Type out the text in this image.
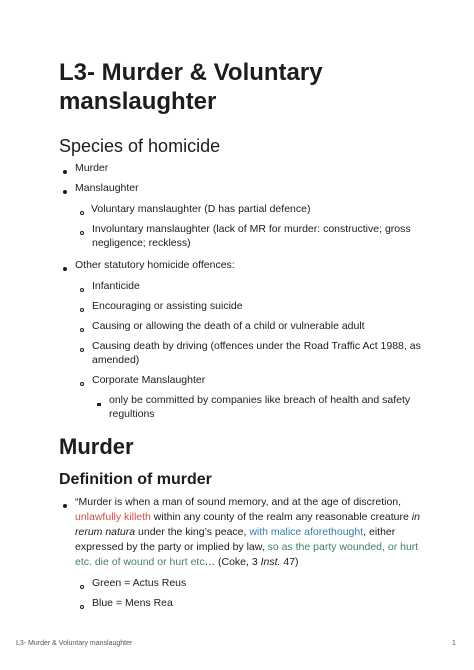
L3- Murder & Voluntary manslaughter
Species of homicide
Murder
Manslaughter
Voluntary manslaughter (D has partial defence)
Involuntary manslaughter (lack of MR for murder: constructive; gross
negligence; reckless)
Other statutory homicide offences:
Infanticide
Encouraging or assisting suicide
Causing or allowing the death of a child or vulnerable adult
Causing death by driving (offences under the Road Traffic Act 1988, as
amended)
Corporate Manslaughter
only be committed by companies like breach of health and safety
regultions
Murder
Definition of murder
“Murder is when a man of sound memory, and at the age of discretion,
unlawfully killeth within any county of the realm any reasonable creature in
rerum natura under the king’s peace, with malice aforethought, either
expressed by the party or implied by law, so as the party wounded, or hurt
etc. die of wound or hurt etc… (Coke, 3 Inst. 47)
Green = Actus Reus
Blue = Mens Rea
L3- Murder & Voluntary manslaughter	1
